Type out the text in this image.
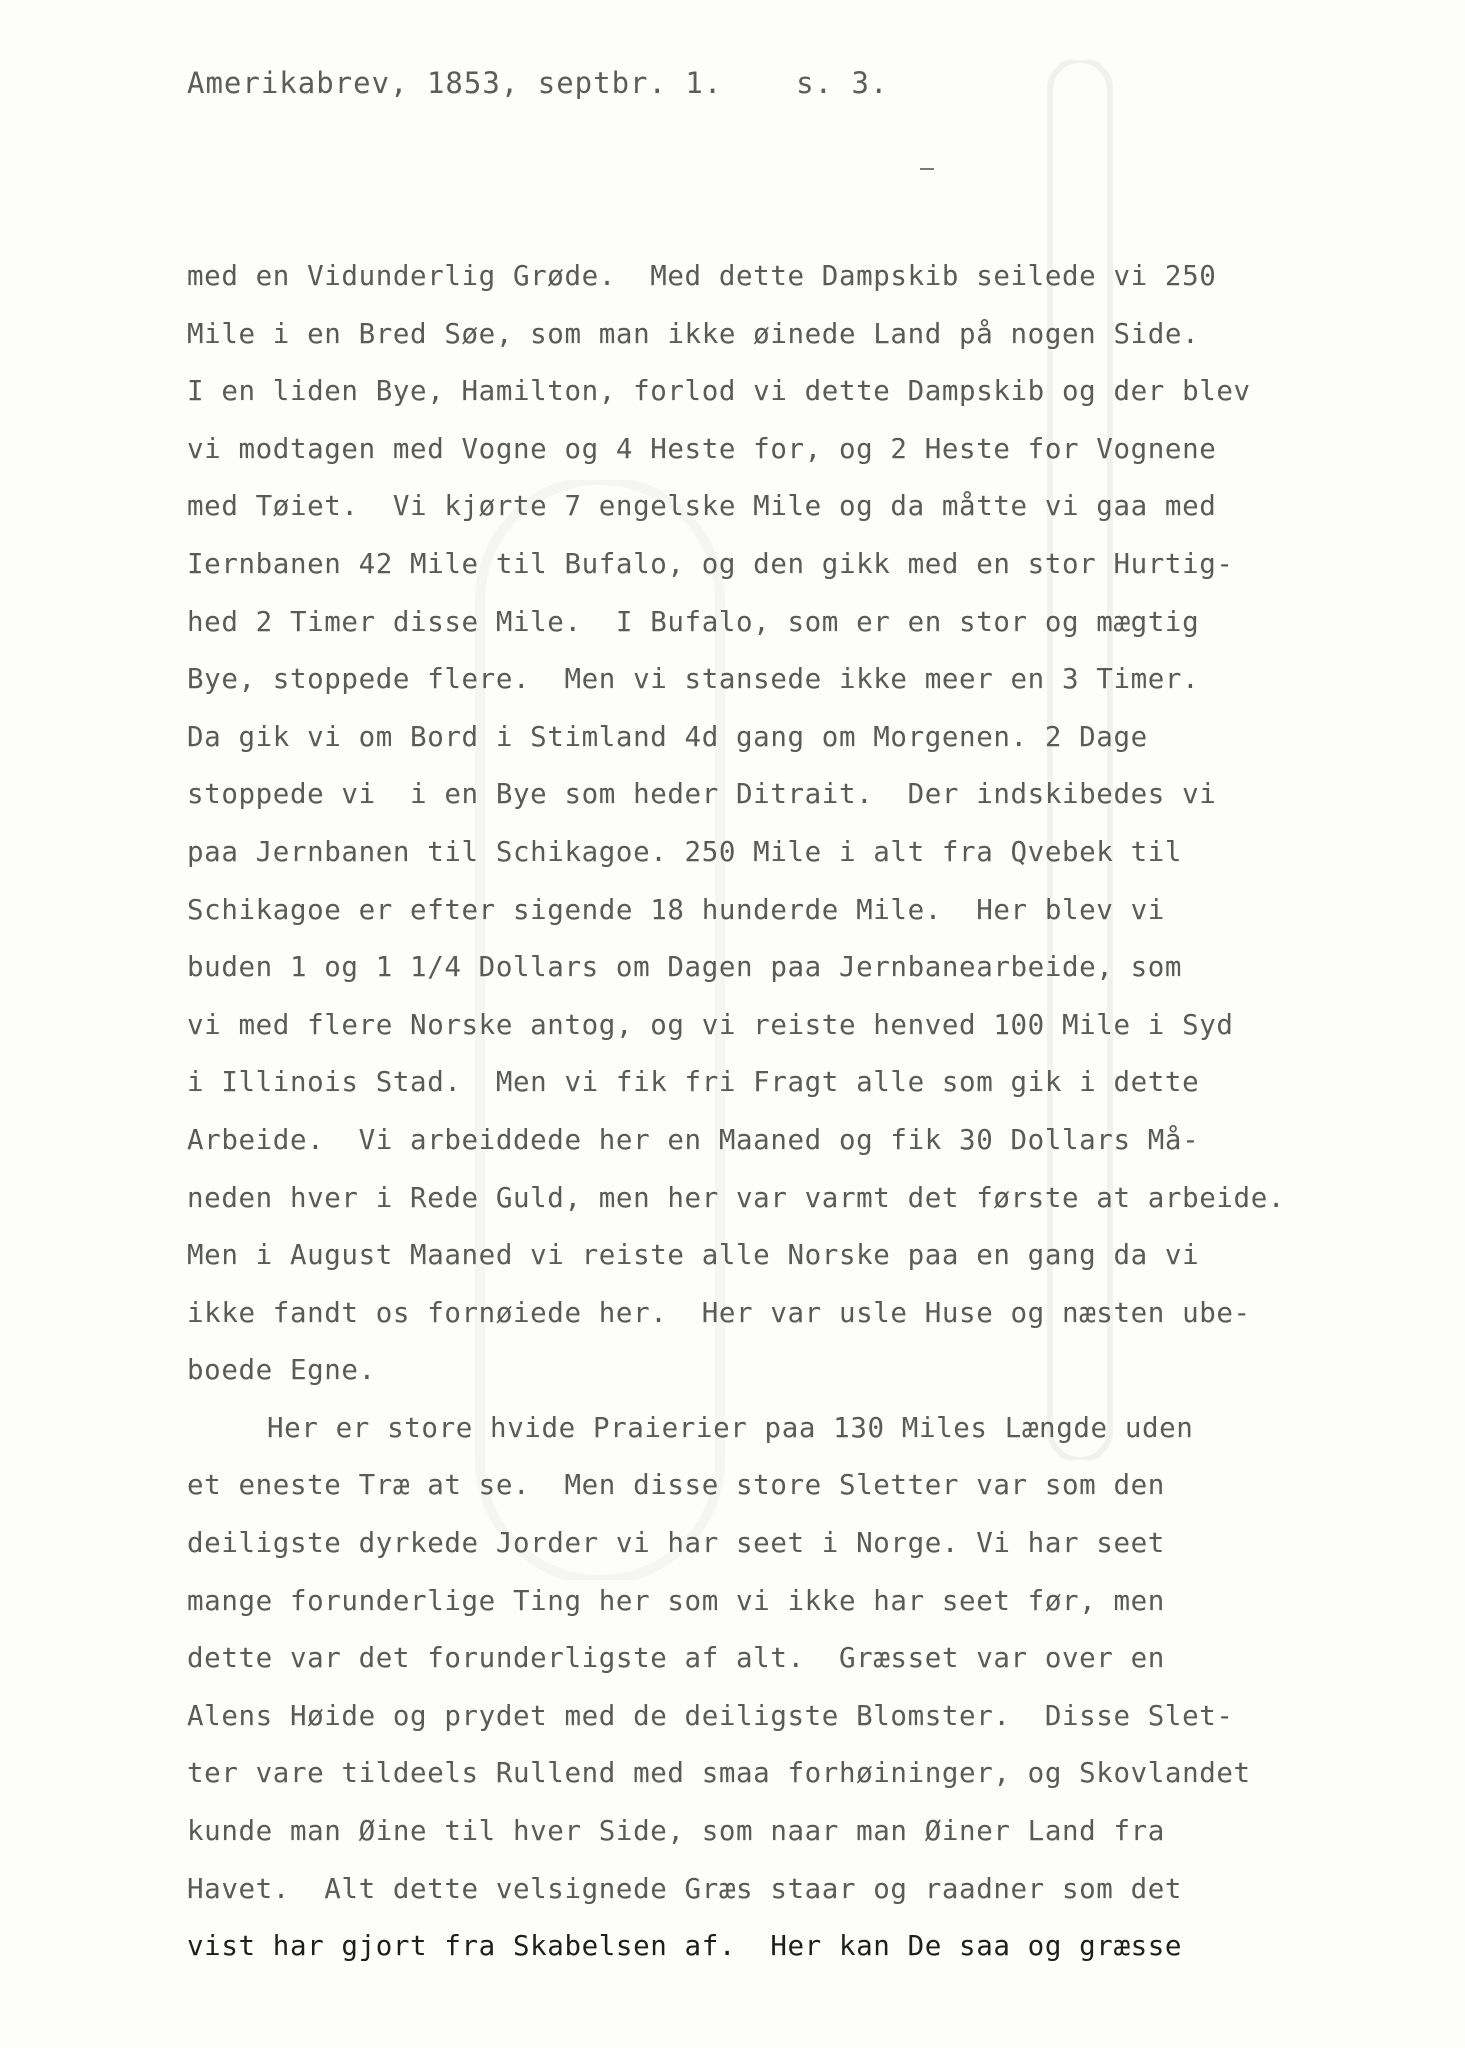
Amerikabrev, 1853, septbr. 1.    s. 3.
med en Vidunderlig Grøde.  Med dette Dampskib seilede vi 250
Mile i en Bred Søe, som man ikke øinede Land på nogen Side.
I en liden Bye, Hamilton, forlod vi dette Dampskib og der blev
vi modtagen med Vogne og 4 Heste for, og 2 Heste for Vognene
med Tøiet.  Vi kjørte 7 engelske Mile og da måtte vi gaa med
Iernbanen 42 Mile til Bufalo, og den gikk med en stor Hurtig-
hed 2 Timer disse Mile.  I Bufalo, som er en stor og mægtig
Bye, stoppede flere.  Men vi stansede ikke meer en 3 Timer.
Da gik vi om Bord i Stimland 4d gang om Morgenen. 2 Dage
stoppede vi  i en Bye som heder Ditrait.  Der indskibedes vi
paa Jernbanen til Schikagoe. 250 Mile i alt fra Qvebek til
Schikagoe er efter sigende 18 hunderde Mile.  Her blev vi
buden 1 og 1 1/4 Dollars om Dagen paa Jernbanearbeide, som
vi med flere Norske antog, og vi reiste henved 100 Mile i Syd
i Illinois Stad.  Men vi fik fri Fragt alle som gik i dette
Arbeide.  Vi arbeiddede her en Maaned og fik 30 Dollars Må-
neden hver i Rede Guld, men her var varmt det første at arbeide.
Men i August Maaned vi reiste alle Norske paa en gang da vi
ikke fandt os fornøiede her.  Her var usle Huse og næsten ube-
boede Egne.
Her er store hvide Praierier paa 130 Miles Længde uden
et eneste Træ at se.  Men disse store Sletter var som den
deiligste dyrkede Jorder vi har seet i Norge. Vi har seet
mange forunderlige Ting her som vi ikke har seet før, men
dette var det forunderligste af alt.  Græsset var over en
Alens Høide og prydet med de deiligste Blomster.  Disse Slet-
ter vare tildeels Rullend med smaa forhøininger, og Skovlandet
kunde man Øine til hver Side, som naar man Øiner Land fra
Havet.  Alt dette velsignede Græs staar og raadner som det
vist har gjort fra Skabelsen af.  Her kan De saa og græsse
